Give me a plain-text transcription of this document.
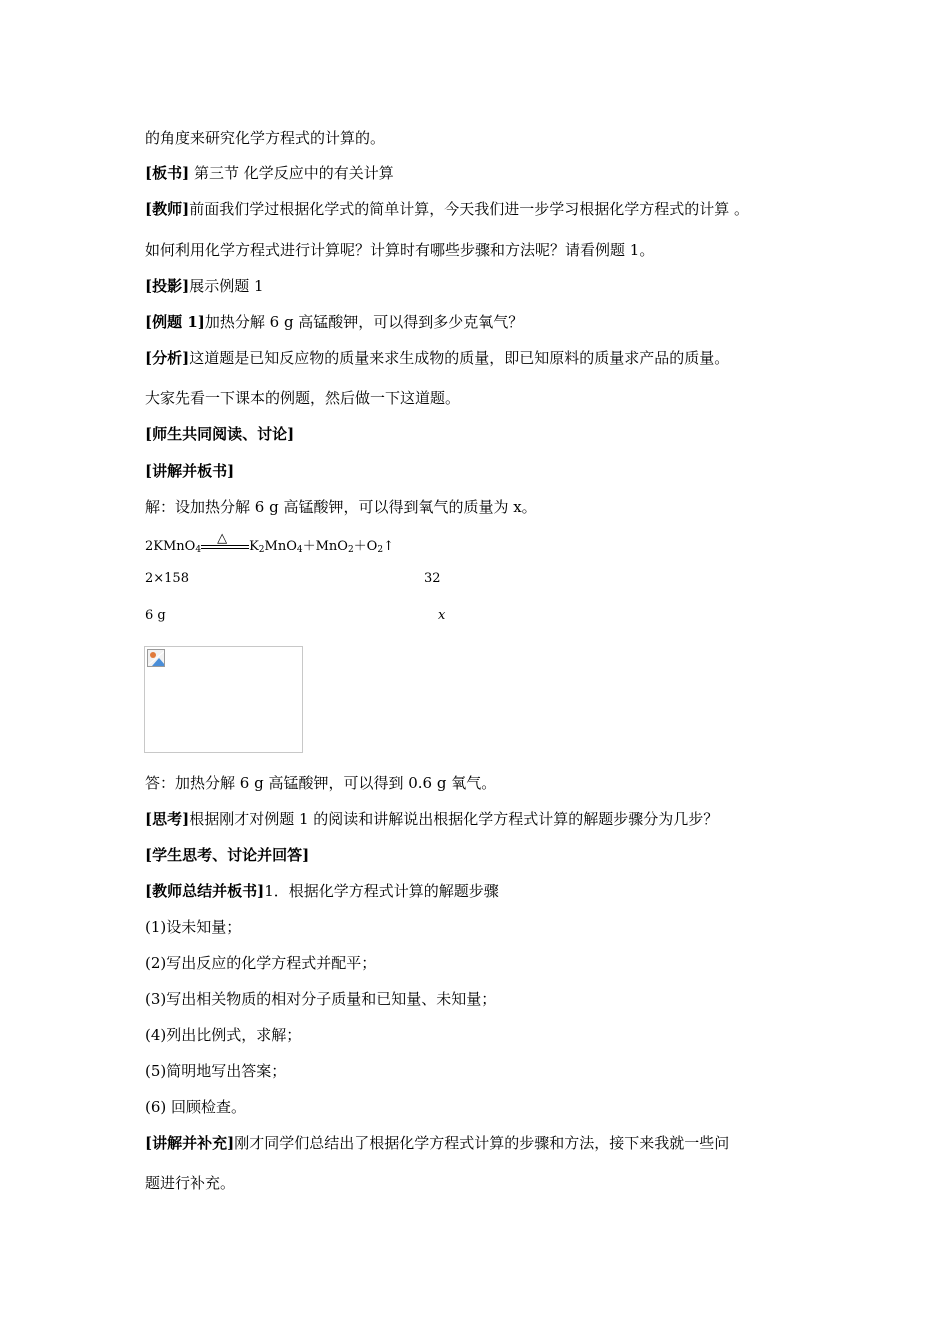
的角度来研究化学方程式的计算的。
[板书] 第三节 化学反应中的有关计算
[教师]前面我们学过根据化学式的简单计算，今天我们进一步学习根据化学方程式的计算 。
如何利用化学方程式进行计算呢？计算时有哪些步骤和方法呢？请看例题 1。
[投影]展示例题 1
[例题 1]加热分解 6 g 高锰酸钾，可以得到多少克氧气？
[分析]这道题是已知反应物的质量来求生成物的质量，即已知原料的质量求产品的质量。
大家先看一下课本的例题，然后做一下这道题。
[师生共同阅读、讨论]
[讲解并板书]
解：设加热分解 6 g 高锰酸钾，可以得到氧气的质量为 x。
2KMnO$_4$
△
$K_2MnO_4+MnO_2+O_2↑$
2×158	32
6 g	x
答：加热分解 6 g 高锰酸钾，可以得到 0.6 g 氧气。
[思考]根据刚才对例题 1 的阅读和讲解说出根据化学方程式计算的解题步骤分为几步？
[学生思考、讨论并回答]
[教师总结并板书]1．根据化学方程式计算的解题步骤
(1)设未知量；
(2)写出反应的化学方程式并配平；
(3)写出相关物质的相对分子质量和已知量、未知量；
(4)列出比例式，求解；
(5)简明地写出答案；
(6) 回顾检查。
[讲解并补充]刚才同学们总结出了根据化学方程式计算的步骤和方法，接下来我就一些问
题进行补充。
